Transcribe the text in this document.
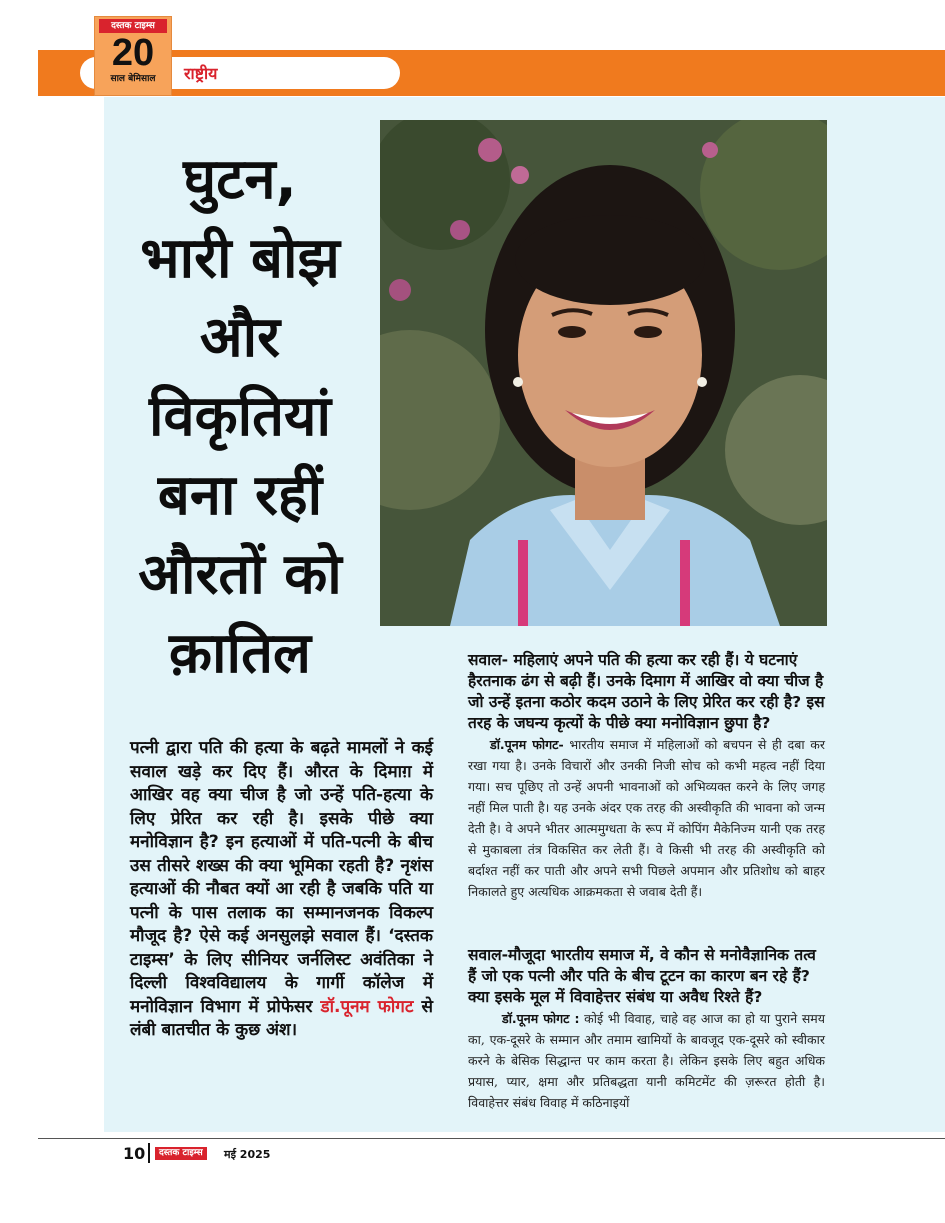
राष्ट्रीय
दस्तक टाइम्स
20
साल बेमिसाल
घुटन,
भारी बोझ
और
विकृतियां
बना रहीं
औरतों को
क़ातिल

पत्नी द्वारा पति की हत्या के बढ़ते मामलों ने कई सवाल खड़े कर दिए हैं। औरत के दिमाग़ में आखिर वह क्या चीज है जो उन्हें पति-हत्या के लिए प्रेरित कर रही है। इसके पीछे क्या मनोविज्ञान है? इन हत्याओं में पति-पत्नी के बीच उस तीसरे शख्स की क्या भूमिका रहती है? नृशंस हत्याओं की नौबत क्यों आ रही है जबकि पति या पत्नी के पास तलाक का सम्मानजनक विकल्प मौजूद है? ऐसे कई अनसुलझे सवाल हैं। ‘दस्तक टाइम्स’ के लिए सीनियर जर्नलिस्ट अवंतिका ने दिल्ली विश्वविद्यालय के गार्गी कॉलेज में मनोविज्ञान विभाग में प्रोफेसर डॉ.पूनम फोगट से लंबी बातचीत के कुछ अंश।

सवाल- महिलाएं अपने पति की हत्या कर रही हैं। ये घटनाएं हैरतनाक ढंग से बढ़ी हैं। उनके दिमाग में आखिर वो क्या चीज है जो उन्हें इतना कठोर कदम उठाने के लिए प्रेरित कर रही है? इस तरह के जघन्य कृत्यों के पीछे क्या मनोविज्ञान छुपा है?

डॉ.पूनम फोगट- भारतीय समाज में महिलाओं को बचपन से ही दबा कर रखा गया है। उनके विचारों और उनकी निजी सोच को कभी महत्व नहीं दिया गया। सच पूछिए तो उन्हें अपनी भावनाओं को अभिव्यक्त करने के लिए जगह नहीं मिल पाती है। यह उनके अंदर एक तरह की अस्वीकृति की भावना को जन्म देती है। वे अपने भीतर आत्ममुग्धता के रूप में कोपिंग मैकेनिज्म यानी एक तरह से मुकाबला तंत्र विकसित कर लेती हैं। वे किसी भी तरह की अस्वीकृति को बर्दाश्त नहीं कर पाती और अपने सभी पिछले अपमान और प्रतिशोध को बाहर निकालते हुए अत्यधिक आक्रमकता से जवाब देती हैं।

सवाल-मौजूदा भारतीय समाज में, वे कौन से मनोवैज्ञानिक तत्व हैं जो एक पत्नी और पति के बीच टूटन का कारण बन रहे हैं? क्या इसके मूल में विवाहेत्तर संबंध या अवैध रिश्ते हैं?

डॉ.पूनम फोगट : कोई भी विवाह, चाहे वह आज का हो या पुराने समय का, एक-दूसरे के सम्मान और तमाम खामियों के बावजूद एक-दूसरे को स्वीकार करने के बेसिक सिद्धान्त पर काम करता है। लेकिन इसके लिए बहुत अधिक प्रयास, प्यार, क्षमा और प्रतिबद्धता यानी कमिटमेंट की ज़रूरत होती है। विवाहेत्तर संबंध विवाह में कठिनाइयों

10	दस्तक टाइम्स	मई 2025
